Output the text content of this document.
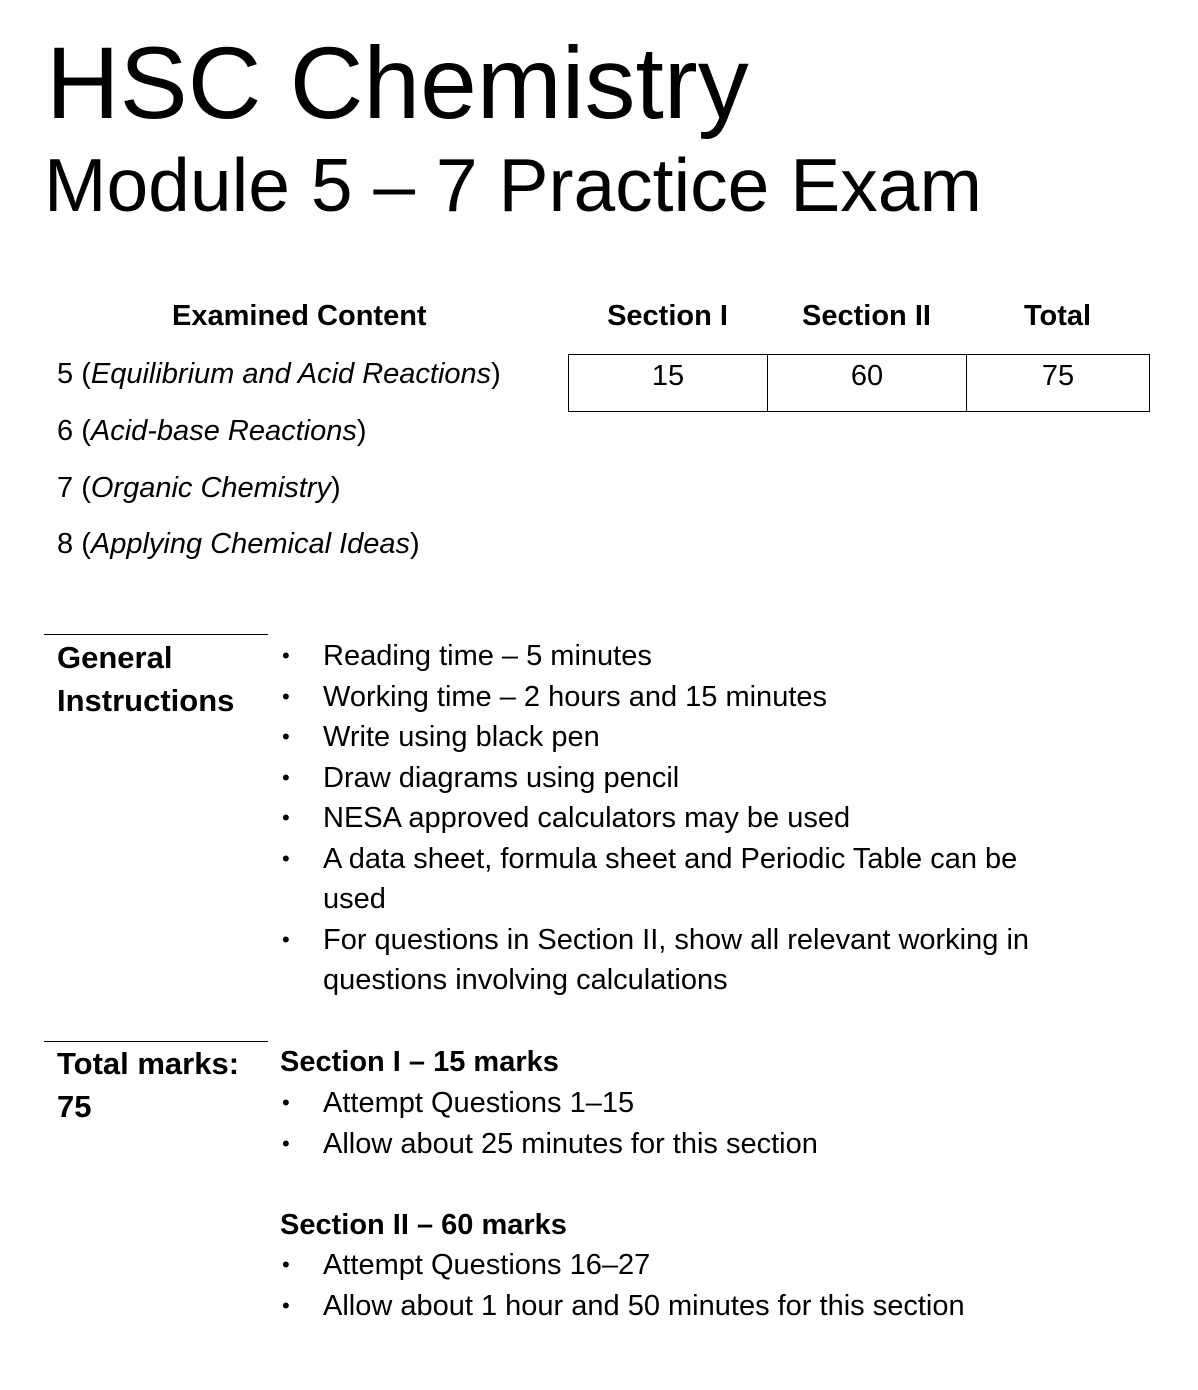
HSC Chemistry
Module 5 – 7 Practice Exam
Examined Content	Section I	Section II	Total
5 (Equilibrium and Acid Reactions)
6 (Acid-base Reactions)
7 (Organic Chemistry)
8 (Applying Chemical Ideas)
15	60	75
General
Instructions
• Reading time – 5 minutes
• Working time – 2 hours and 15 minutes
• Write using black pen
• Draw diagrams using pencil
• NESA approved calculators may be used
• A data sheet, formula sheet and Periodic Table can be used
• For questions in Section II, show all relevant working in questions involving calculations
Total marks:
75
Section I – 15 marks
• Attempt Questions 1–15
• Allow about 25 minutes for this section
Section II – 60 marks
• Attempt Questions 16–27
• Allow about 1 hour and 50 minutes for this section
